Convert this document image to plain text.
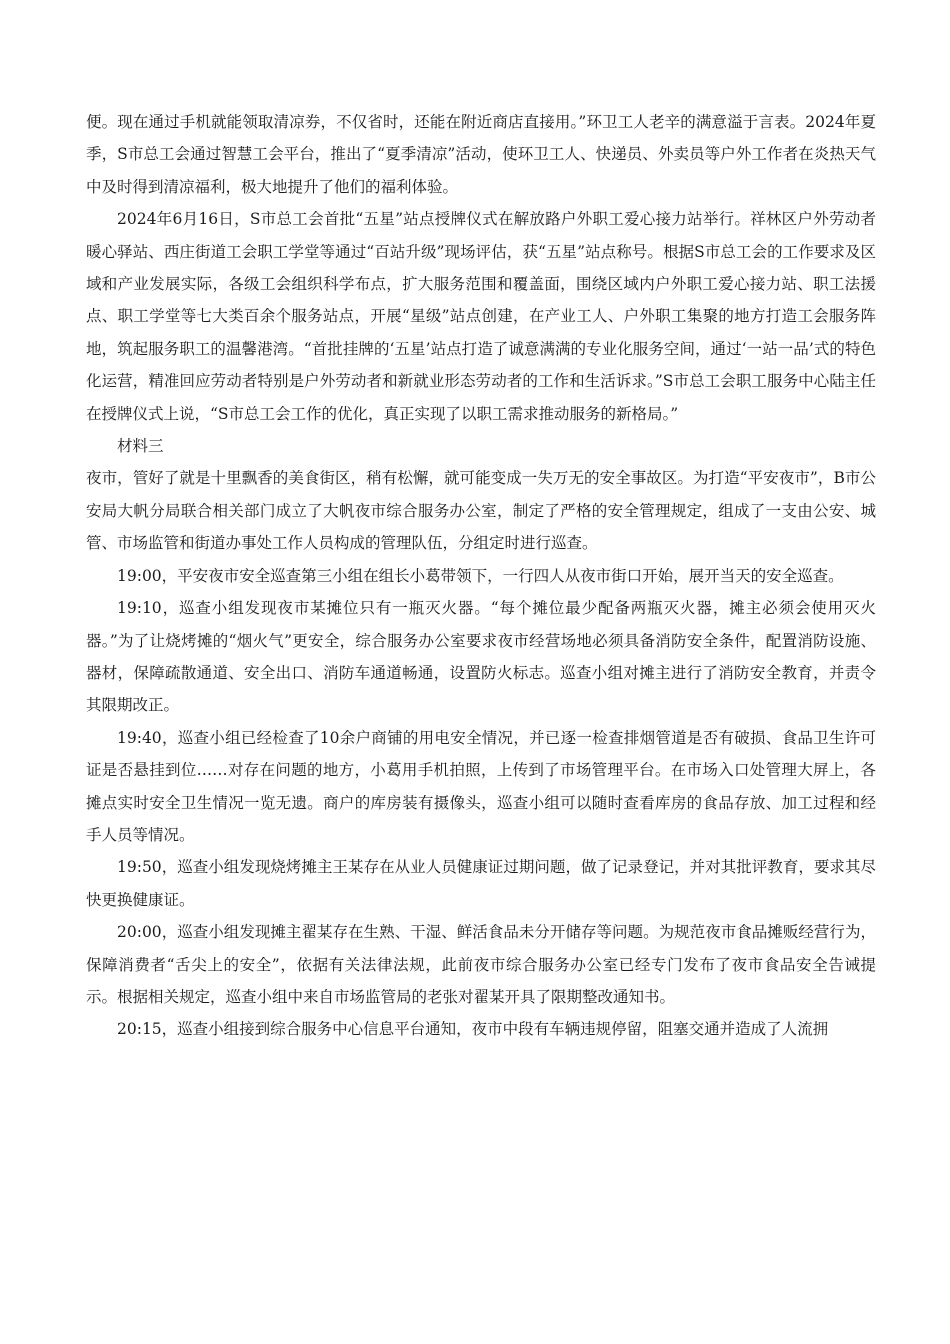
便。现在通过手机就能领取清凉券，不仅省时，还能在附近商店直接用。”环卫工人老辛的满意溢于言表。2024年夏季，S市总工会通过智慧工会平台，推出了“夏季清凉”活动，使环卫工人、快递员、外卖员等户外工作者在炎热天气中及时得到清凉福利，极大地提升了他们的福利体验。

2024年6月16日，S市总工会首批“五星”站点授牌仪式在解放路户外职工爱心接力站举行。祥林区户外劳动者暖心驿站、西庄街道工会职工学堂等通过“百站升级”现场评估，获“五星”站点称号。根据S市总工会的工作要求及区域和产业发展实际，各级工会组织科学布点，扩大服务范围和覆盖面，围绕区域内户外职工爱心接力站、职工法援点、职工学堂等七大类百余个服务站点，开展“星级”站点创建，在产业工人、户外职工集聚的地方打造工会服务阵地，筑起服务职工的温馨港湾。“首批挂牌的‘五星’站点打造了诚意满满的专业化服务空间，通过‘一站一品’式的特色化运营，精准回应劳动者特别是户外劳动者和新就业形态劳动者的工作和生活诉求。”S市总工会职工服务中心陆主任在授牌仪式上说，“S市总工会工作的优化，真正实现了以职工需求推动服务的新格局。”

材料三

夜市，管好了就是十里飘香的美食街区，稍有松懈，就可能变成一失万无的安全事故区。为打造“平安夜市”，B市公安局大帆分局联合相关部门成立了大帆夜市综合服务办公室，制定了严格的安全管理规定，组成了一支由公安、城管、市场监管和街道办事处工作人员构成的管理队伍，分组定时进行巡查。

19:00，平安夜市安全巡查第三小组在组长小葛带领下，一行四人从夜市街口开始，展开当天的安全巡查。

19:10，巡查小组发现夜市某摊位只有一瓶灭火器。“每个摊位最少配备两瓶灭火器，摊主必须会使用灭火器。”为了让烧烤摊的“烟火气”更安全，综合服务办公室要求夜市经营场地必须具备消防安全条件，配置消防设施、器材，保障疏散通道、安全出口、消防车通道畅通，设置防火标志。巡查小组对摊主进行了消防安全教育，并责令其限期改正。

19:40，巡查小组已经检查了10余户商铺的用电安全情况，并已逐一检查排烟管道是否有破损、食品卫生许可证是否悬挂到位……对存在问题的地方，小葛用手机拍照，上传到了市场管理平台。在市场入口处管理大屏上，各摊点实时安全卫生情况一览无遗。商户的库房装有摄像头，巡查小组可以随时查看库房的食品存放、加工过程和经手人员等情况。

19:50，巡查小组发现烧烤摊主王某存在从业人员健康证过期问题，做了记录登记，并对其批评教育，要求其尽快更换健康证。

20:00，巡查小组发现摊主翟某存在生熟、干湿、鲜活食品未分开储存等问题。为规范夜市食品摊贩经营行为，保障消费者“舌尖上的安全”，依据有关法律法规，此前夜市综合服务办公室已经专门发布了夜市食品安全告诫提示。根据相关规定，巡查小组中来自市场监管局的老张对翟某开具了限期整改通知书。

20:15，巡查小组接到综合服务中心信息平台通知，夜市中段有车辆违规停留，阻塞交通并造成了人流拥
